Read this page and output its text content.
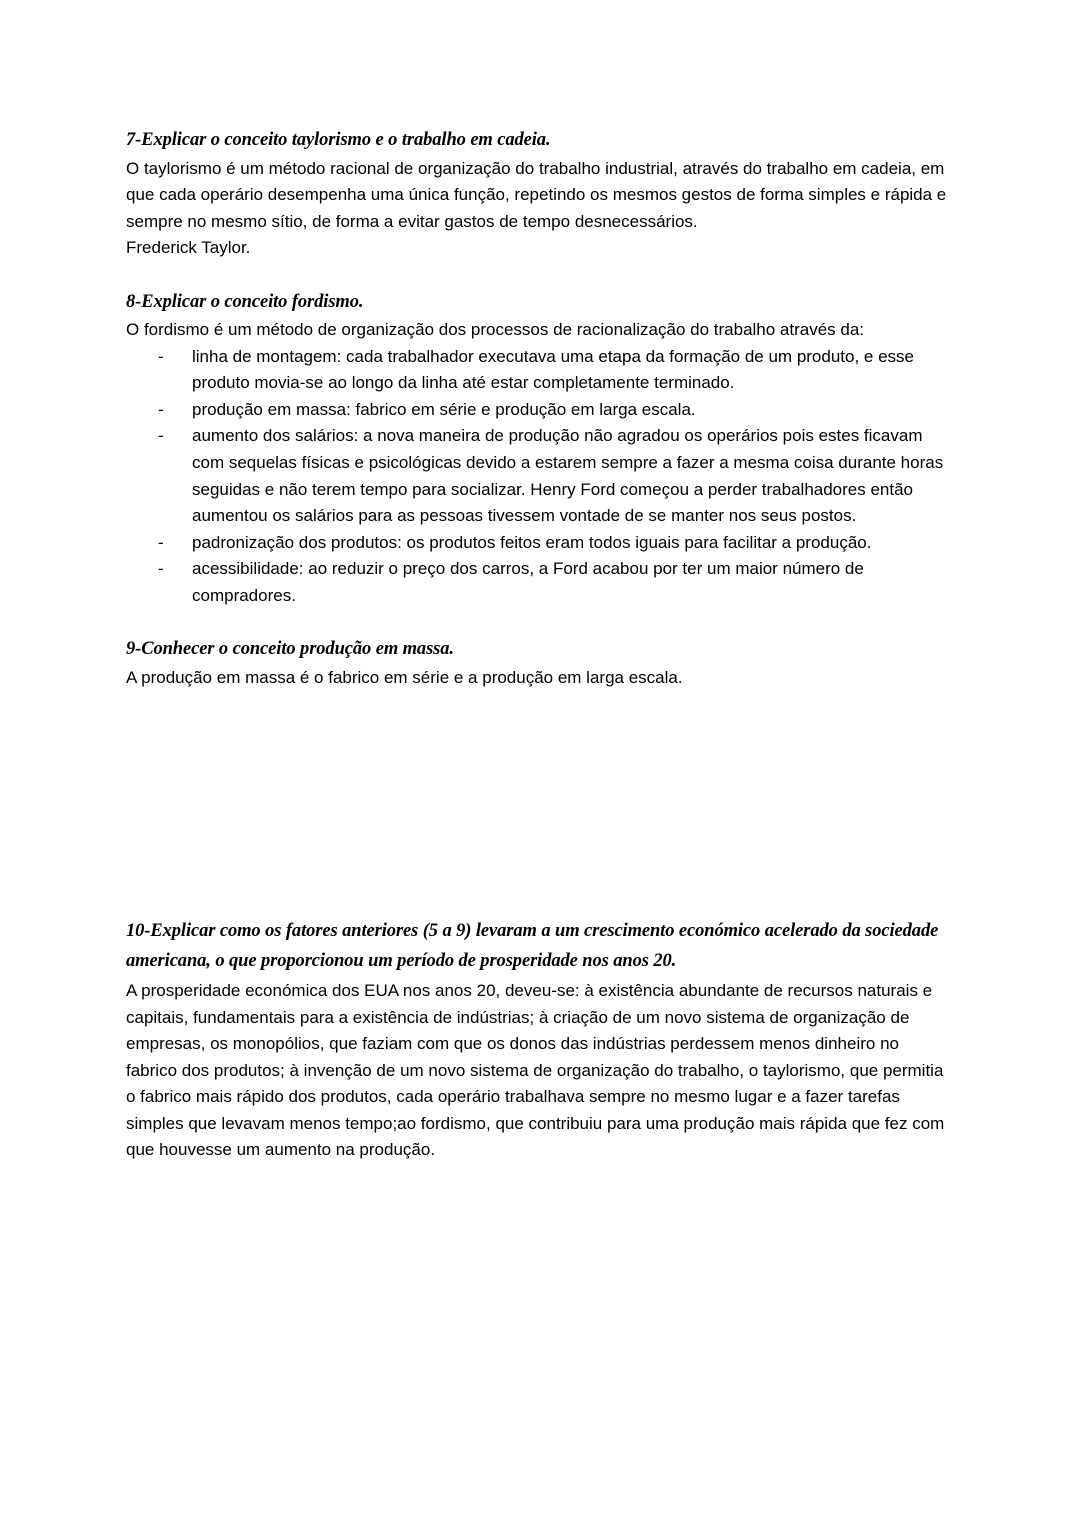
7-Explicar o conceito taylorismo e o trabalho em cadeia.

O taylorismo é um método racional de organização do trabalho industrial, através do trabalho em cadeia, em que cada operário desempenha uma única função, repetindo os mesmos gestos de forma simples e rápida e sempre no mesmo sítio, de forma a evitar gastos de tempo desnecessários.

Frederick Taylor.

8-Explicar o conceito fordismo.

O fordismo é um método de organização dos processos de racionalização do trabalho através da:

- linha de montagem: cada trabalhador executava uma etapa da formação de um produto, e esse produto movia-se ao longo da linha até estar completamente terminado.
- produção em massa: fabrico em série e produção em larga escala.
- aumento dos salários: a nova maneira de produção não agradou os operários pois estes ficavam com sequelas físicas e psicológicas devido a estarem sempre a fazer a mesma coisa durante horas seguidas e não terem tempo para socializar. Henry Ford começou a perder trabalhadores então aumentou os salários para as pessoas tivessem vontade de se manter nos seus postos.
- padronização dos produtos: os produtos feitos eram todos iguais para facilitar a produção.
- acessibilidade: ao reduzir o preço dos carros, a Ford acabou por ter um maior número de compradores.
9-Conhecer o conceito produção em massa.

A produção em massa é o fabrico em série e a produção em larga escala.

10-Explicar como os fatores anteriores (5 a 9) levaram a um crescimento económico acelerado da sociedade americana, o que proporcionou um período de prosperidade nos anos 20.

A prosperidade económica dos EUA nos anos 20, deveu-se: à existência abundante de recursos naturais e capitais, fundamentais para a existência de indústrias; à criação de um novo sistema de organização de empresas, os monopólios, que faziam com que os donos das indústrias perdessem menos dinheiro no fabrico dos produtos; à invenção de um novo sistema de organização do trabalho, o taylorismo, que permitia o fabrico mais rápido dos produtos, cada operário trabalhava sempre no mesmo lugar e a fazer tarefas simples que levavam menos tempo;ao fordismo, que contribuiu para uma produção mais rápida que fez com que houvesse um aumento na produção.
